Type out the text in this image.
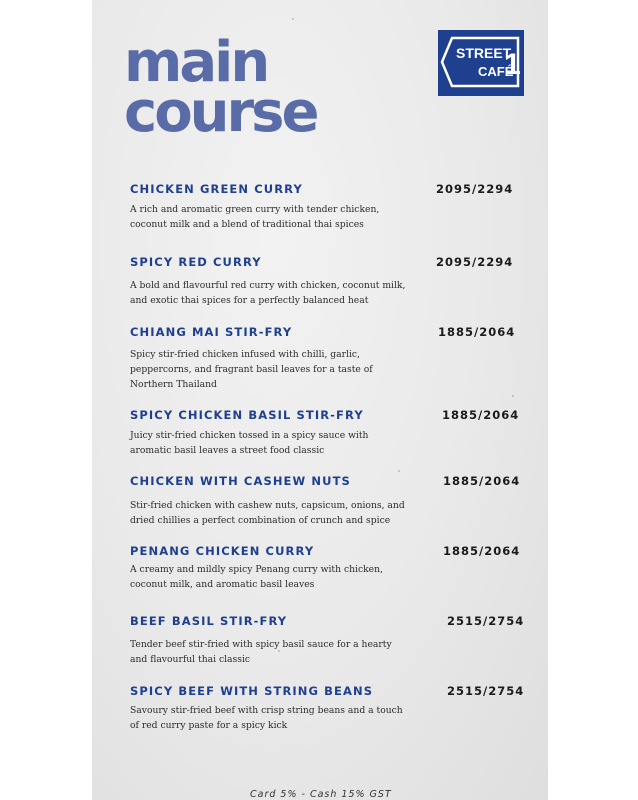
main
course
STREET
CAFÉ
1
CHICKEN GREEN CURRY	2095/2294

A rich and aromatic green curry with tender chicken,
coconut milk and a blend of traditional thai spices

SPICY RED CURRY	2095/2294

A bold and flavourful red curry with chicken, coconut milk,
and exotic thai spices for a perfectly balanced heat

CHIANG MAI STIR-FRY	1885/2064

Spicy stir-fried chicken infused with chilli, garlic,
peppercorns, and fragrant basil leaves for a taste of
Northern Thailand

SPICY CHICKEN BASIL STIR-FRY	1885/2064

Juicy stir-fried chicken tossed in a spicy sauce with
aromatic basil leaves a street food classic

CHICKEN WITH CASHEW NUTS	1885/2064

Stir-fried chicken with cashew nuts, capsicum, onions, and
dried chillies a perfect combination of crunch and spice

PENANG CHICKEN CURRY	1885/2064

A creamy and mildly spicy Penang curry with chicken,
coconut milk, and aromatic basil leaves

BEEF BASIL STIR-FRY	2515/2754

Tender beef stir-fried with spicy basil sauce for a hearty
and flavourful thai classic

SPICY BEEF WITH STRING BEANS	2515/2754

Savoury stir-fried beef with crisp string beans and a touch
of red curry paste for a spicy kick

Card 5% - Cash 15% GST
